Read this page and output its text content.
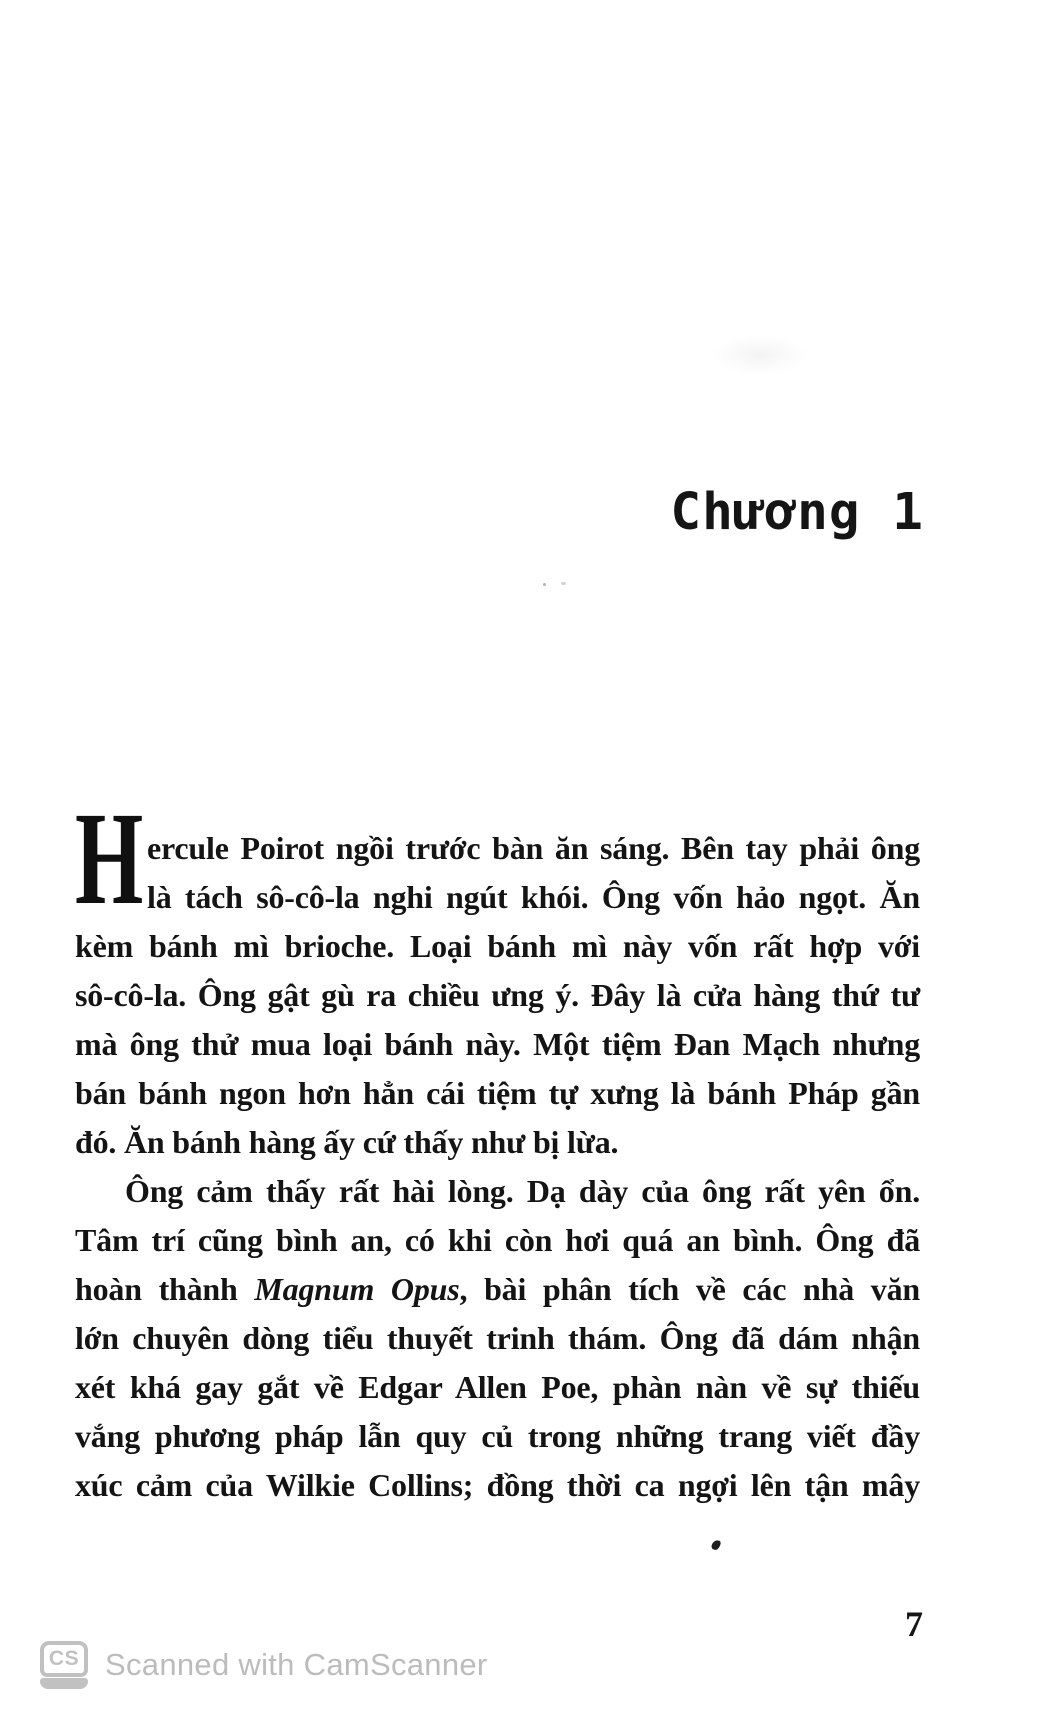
Chương 1
H ercule Poirot ngồi trước bàn ăn sáng. Bên tay phải ông
là tách sô-cô-la nghi ngút khói. Ông vốn hảo ngọt. Ăn
kèm bánh mì brioche. Loại bánh mì này vốn rất hợp với
sô-cô-la. Ông gật gù ra chiều ưng ý. Đây là cửa hàng thứ tư
mà ông thử mua loại bánh này. Một tiệm Đan Mạch nhưng
bán bánh ngon hơn hẳn cái tiệm tự xưng là bánh Pháp gần
đó. Ăn bánh hàng ấy cứ thấy như bị lừa.
Ông cảm thấy rất hài lòng. Dạ dày của ông rất yên ổn.
Tâm trí cũng bình an, có khi còn hơi quá an bình. Ông đã
hoàn thành Magnum Opus, bài phân tích về các nhà văn
lớn chuyên dòng tiểu thuyết trinh thám. Ông đã dám nhận
xét khá gay gắt về Edgar Allen Poe, phàn nàn về sự thiếu
vắng phương pháp lẫn quy củ trong những trang viết đầy
xúc cảm của Wilkie Collins; đồng thời ca ngợi lên tận mây
7
CS Scanned with CamScanner
